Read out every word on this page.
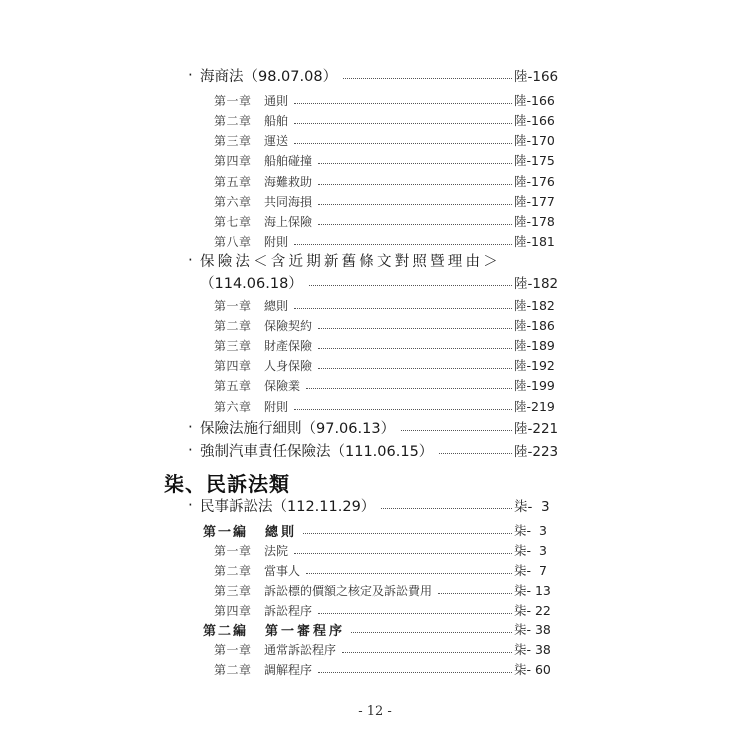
· 海商法（98.07.08）	陸-166
第一章	通則	陸-166
第二章	船舶	陸-166
第三章	運送	陸-170
第四章	船舶碰撞	陸-175
第五章	海難救助	陸-176
第六章	共同海損	陸-177
第七章	海上保險	陸-178
第八章	附則	陸-181
· 保險法＜含近期新舊條文對照暨理由＞
（114.06.18）	陸-182
第一章	總則	陸-182
第二章	保險契約	陸-186
第三章	財產保險	陸-189
第四章	人身保險	陸-192
第五章	保險業	陸-199
第六章	附則	陸-219
· 保險法施行細則（97.06.13）	陸-221
· 強制汽車責任保險法（111.06.15）	陸-223
柒、民訴法類
· 民事訴訟法（112.11.29）	柒-  3
第一編	總則	柒-  3
第一章	法院	柒-  3
第二章	當事人	柒-  7
第三章	訴訟標的價額之核定及訴訟費用	柒- 13
第四章	訴訟程序	柒- 22
第二編	第一審程序	柒- 38
第一章	通常訴訟程序	柒- 38
第二章	調解程序	柒- 60
- 12 -
